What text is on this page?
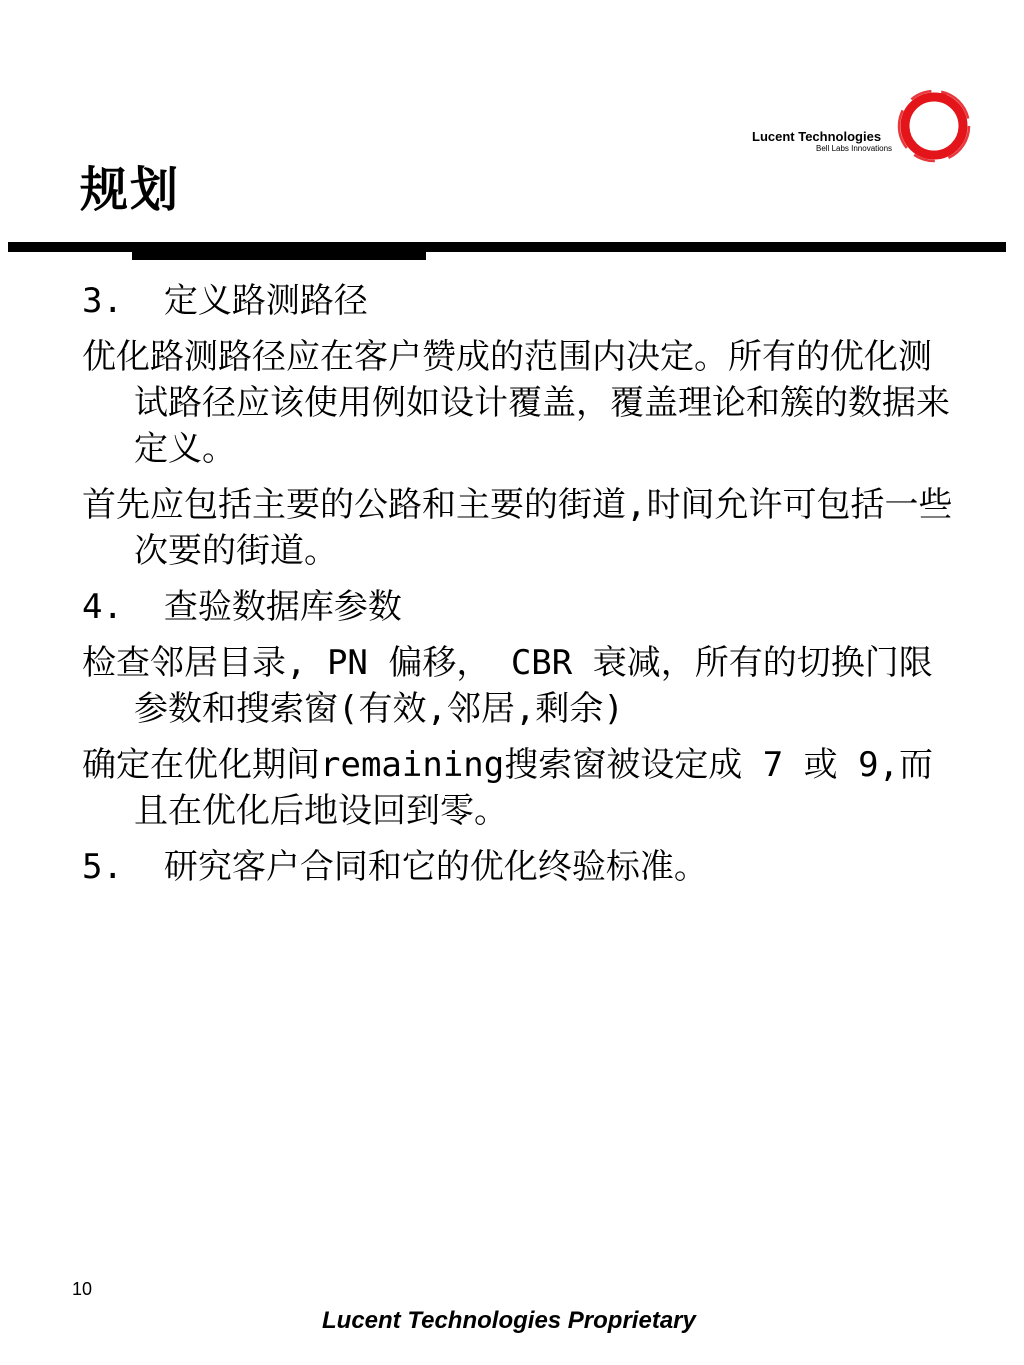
规划
Lucent Technologies
Bell Labs Innovations
3.  定义路测路径
优化路测路径应在客户赞成的范围内决定。所有的优化测试路径应该使用例如设计覆盖，覆盖理论和簇的数据来定义。
首先应包括主要的公路和主要的街道,时间允许可包括一些次要的街道。
4.  查验数据库参数
检查邻居目录, PN 偏移， CBR 衰减，所有的切换门限参数和搜索窗(有效,邻居,剩余)
确定在优化期间remaining搜索窗被设定成 7 或 9,而且在优化后地设回到零。
5.  研究客户合同和它的优化终验标准。
10
Lucent Technologies Proprietary
